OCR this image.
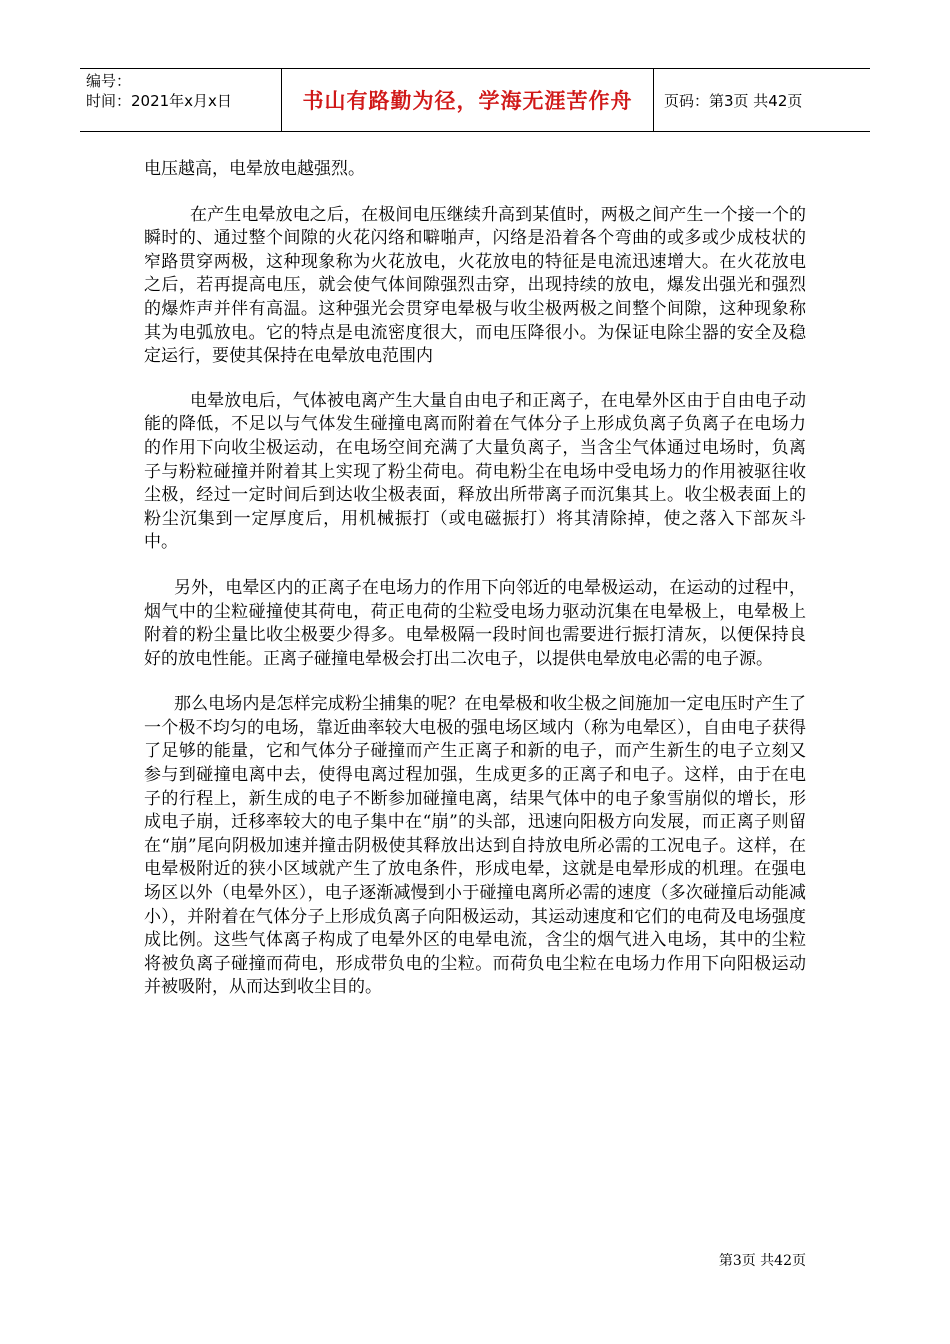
编号：
时间：2021年x月x日	书山有路勤为径，学海无涯苦作舟 页码：第3页 共42页

电压越高，电晕放电越强烈。

在产生电晕放电之后，在极间电压继续升高到某值时，两极之间产生一个接一个的瞬时的、通过整个间隙的火花闪络和噼啪声，闪络是沿着各个弯曲的或多或少成枝状的窄路贯穿两极，这种现象称为火花放电，火花放电的特征是电流迅速增大。在火花放电之后，若再提高电压，就会使气体间隙强烈击穿，出现持续的放电，爆发出强光和强烈的爆炸声并伴有高温。这种强光会贯穿电晕极与收尘极两极之间整个间隙，这种现象称其为电弧放电。它的特点是电流密度很大，而电压降很小。为保证电除尘器的安全及稳定运行，要使其保持在电晕放电范围内

电晕放电后，气体被电离产生大量自由电子和正离子，在电晕外区由于自由电子动能的降低，不足以与气体发生碰撞电离而附着在气体分子上形成负离子负离子在电场力的作用下向收尘极运动，在电场空间充满了大量负离子，当含尘气体通过电场时，负离子与粉粒碰撞并附着其上实现了粉尘荷电。荷电粉尘在电场中受电场力的作用被驱往收尘极，经过一定时间后到达收尘极表面，释放出所带离子而沉集其上。收尘极表面上的粉尘沉集到一定厚度后，用机械振打（或电磁振打）将其清除掉，使之落入下部灰斗中。

另外，电晕区内的正离子在电场力的作用下向邻近的电晕极运动，在运动的过程中，烟气中的尘粒碰撞使其荷电，荷正电荷的尘粒受电场力驱动沉集在电晕极上，电晕极上附着的粉尘量比收尘极要少得多。电晕极隔一段时间也需要进行振打清灰，以便保持良好的放电性能。正离子碰撞电晕极会打出二次电子，以提供电晕放电必需的电子源。

那么电场内是怎样完成粉尘捕集的呢？在电晕极和收尘极之间施加一定电压时产生了一个极不均匀的电场，靠近曲率较大电极的强电场区域内（称为电晕区），自由电子获得了足够的能量，它和气体分子碰撞而产生正离子和新的电子，而产生新生的电子立刻又参与到碰撞电离中去，使得电离过程加强，生成更多的正离子和电子。这样，由于在电子的行程上，新生成的电子不断参加碰撞电离，结果气体中的电子象雪崩似的增长，形成电子崩，迁移率较大的电子集中在“崩”的头部，迅速向阳极方向发展，而正离子则留在“崩”尾向阴极加速并撞击阴极使其释放出达到自持放电所必需的工况电子。这样，在电晕极附近的狭小区域就产生了放电条件，形成电晕，这就是电晕形成的机理。在强电场区以外（电晕外区），电子逐渐减慢到小于碰撞电离所必需的速度（多次碰撞后动能减小），并附着在气体分子上形成负离子向阳极运动，其运动速度和它们的电荷及电场强度成比例。这些气体离子构成了电晕外区的电晕电流，含尘的烟气进入电场，其中的尘粒将被负离子碰撞而荷电，形成带负电的尘粒。而荷负电尘粒在电场力作用下向阳极运动并被吸附，从而达到收尘目的。

第3页 共42页
